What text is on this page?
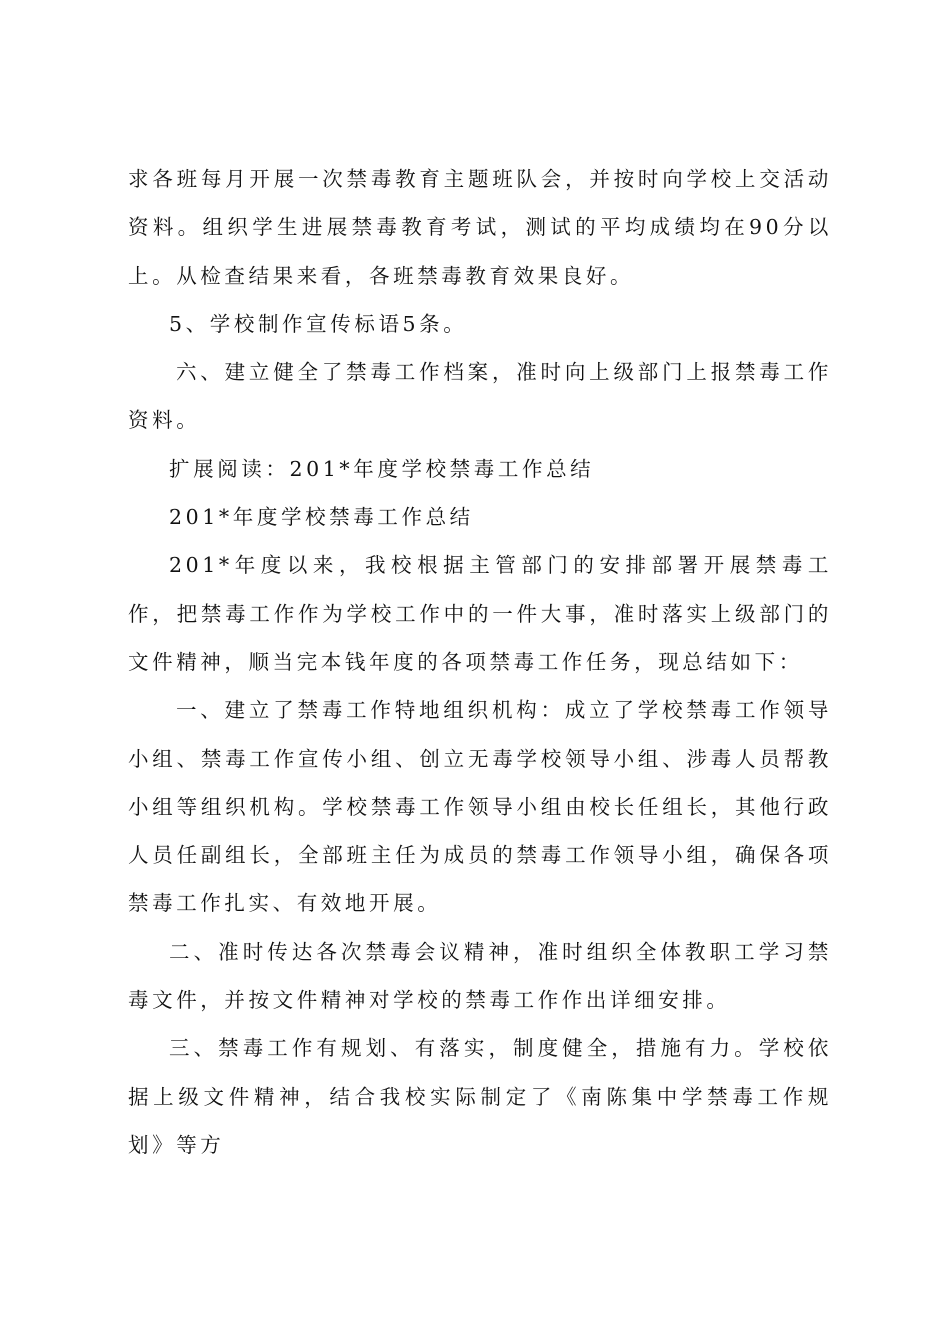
求各班每月开展一次禁毒教育主题班队会，并按时向学校上交活动资料。组织学生进展禁毒教育考试，测试的平均成绩均在90分以上。从检查结果来看，各班禁毒教育效果良好。

5、学校制作宣传标语5条。

六、建立健全了禁毒工作档案，准时向上级部门上报禁毒工作资料。

扩展阅读：201*年度学校禁毒工作总结

201*年度学校禁毒工作总结

201*年度以来，我校根据主管部门的安排部署开展禁毒工作，把禁毒工作作为学校工作中的一件大事，准时落实上级部门的文件精神，顺当完本钱年度的各项禁毒工作任务，现总结如下：

一、建立了禁毒工作特地组织机构：成立了学校禁毒工作领导小组、禁毒工作宣传小组、创立无毒学校领导小组、涉毒人员帮教小组等组织机构。学校禁毒工作领导小组由校长任组长，其他行政人员任副组长，全部班主任为成员的禁毒工作领导小组，确保各项禁毒工作扎实、有效地开展。

二、准时传达各次禁毒会议精神，准时组织全体教职工学习禁毒文件，并按文件精神对学校的禁毒工作作出详细安排。

三、禁毒工作有规划、有落实，制度健全，措施有力。学校依据上级文件精神，结合我校实际制定了《南陈集中学禁毒工作规划》等方
